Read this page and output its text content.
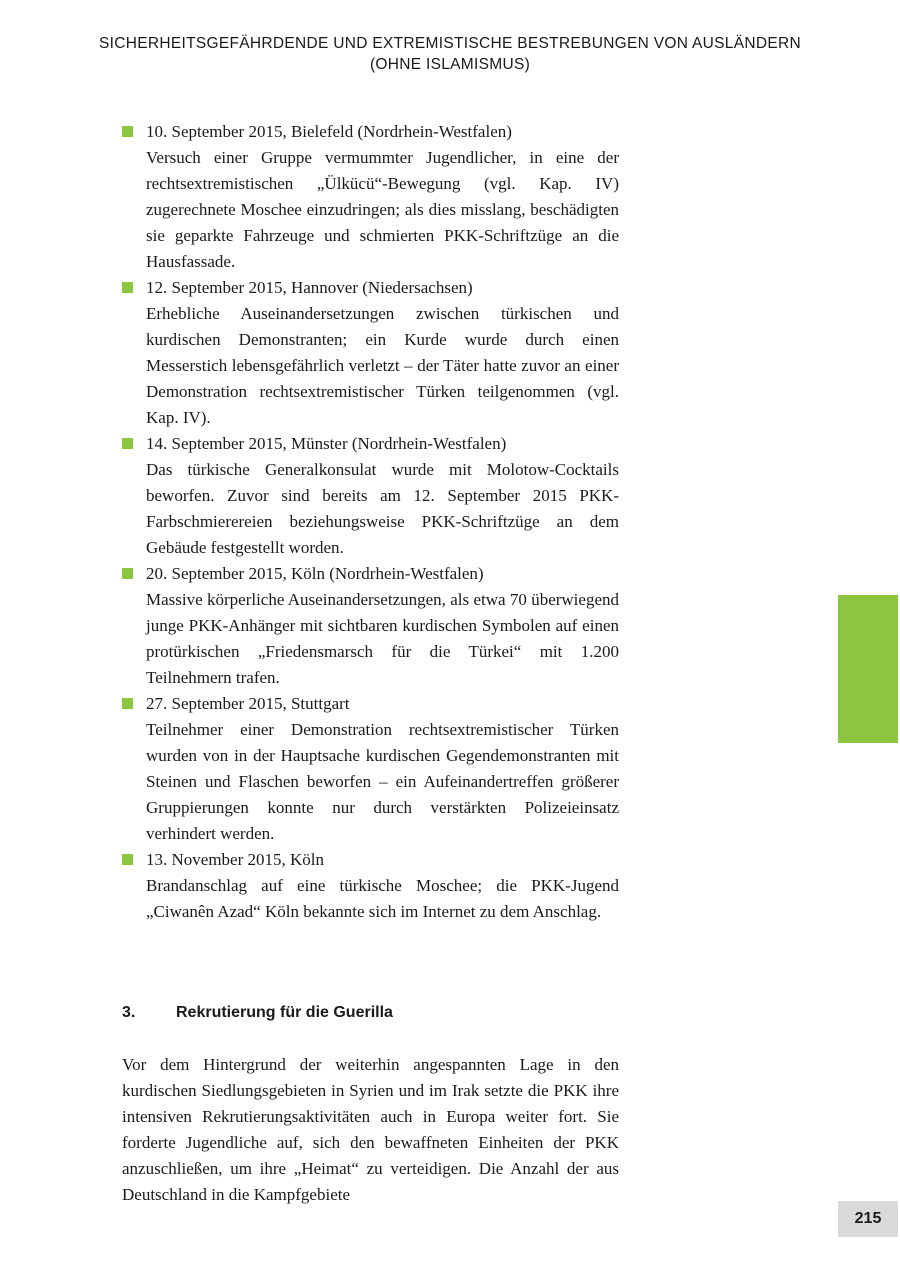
SICHERHEITSGEFÄHRDENDE UND EXTREMISTISCHE BESTREBUNGEN VON AUSLÄNDERN
(OHNE ISLAMISMUS)
10. September 2015, Bielefeld (Nordrhein-Westfalen)
Versuch einer Gruppe vermummter Jugendlicher, in eine der rechtsextremistischen „Ülkücü“-Bewegung (vgl. Kap. IV) zugerechnete Moschee einzudringen; als dies misslang, beschädigten sie geparkte Fahrzeuge und schmierten PKK-Schriftzüge an die Hausfassade.
12. September 2015, Hannover (Niedersachsen)
Erhebliche Auseinandersetzungen zwischen türkischen und kurdischen Demonstranten; ein Kurde wurde durch einen Messerstich lebensgefährlich verletzt – der Täter hatte zuvor an einer Demonstration rechtsextremistischer Türken teilgenommen (vgl. Kap. IV).
14. September 2015, Münster (Nordrhein-Westfalen)
Das türkische Generalkonsulat wurde mit Molotow-Cocktails beworfen. Zuvor sind bereits am 12. September 2015 PKK-Farbschmierereien beziehungsweise PKK-Schriftzüge an dem Gebäude festgestellt worden.
20. September 2015, Köln (Nordrhein-Westfalen)
Massive körperliche Auseinandersetzungen, als etwa 70 überwiegend junge PKK-Anhänger mit sichtbaren kurdischen Symbolen auf einen protürkischen „Friedensmarsch für die Türkei“ mit 1.200 Teilnehmern trafen.
27. September 2015, Stuttgart
Teilnehmer einer Demonstration rechtsextremistischer Türken wurden von in der Hauptsache kurdischen Gegendemonstranten mit Steinen und Flaschen beworfen – ein Aufeinandertreffen größerer Gruppierungen konnte nur durch verstärkten Polizeieinsatz verhindert werden.
13. November 2015, Köln
Brandanschlag auf eine türkische Moschee; die PKK-Jugend „Ciwanên Azad“ Köln bekannte sich im Internet zu dem Anschlag.
3.	Rekrutierung für die Guerilla
Vor dem Hintergrund der weiterhin angespannten Lage in den kurdischen Siedlungsgebieten in Syrien und im Irak setzte die PKK ihre intensiven Rekrutierungsaktivitäten auch in Europa weiter fort. Sie forderte Jugendliche auf, sich den bewaffneten Einheiten der PKK anzuschließen, um ihre „Heimat“ zu verteidigen. Die Anzahl der aus Deutschland in die Kampfgebiete
215
